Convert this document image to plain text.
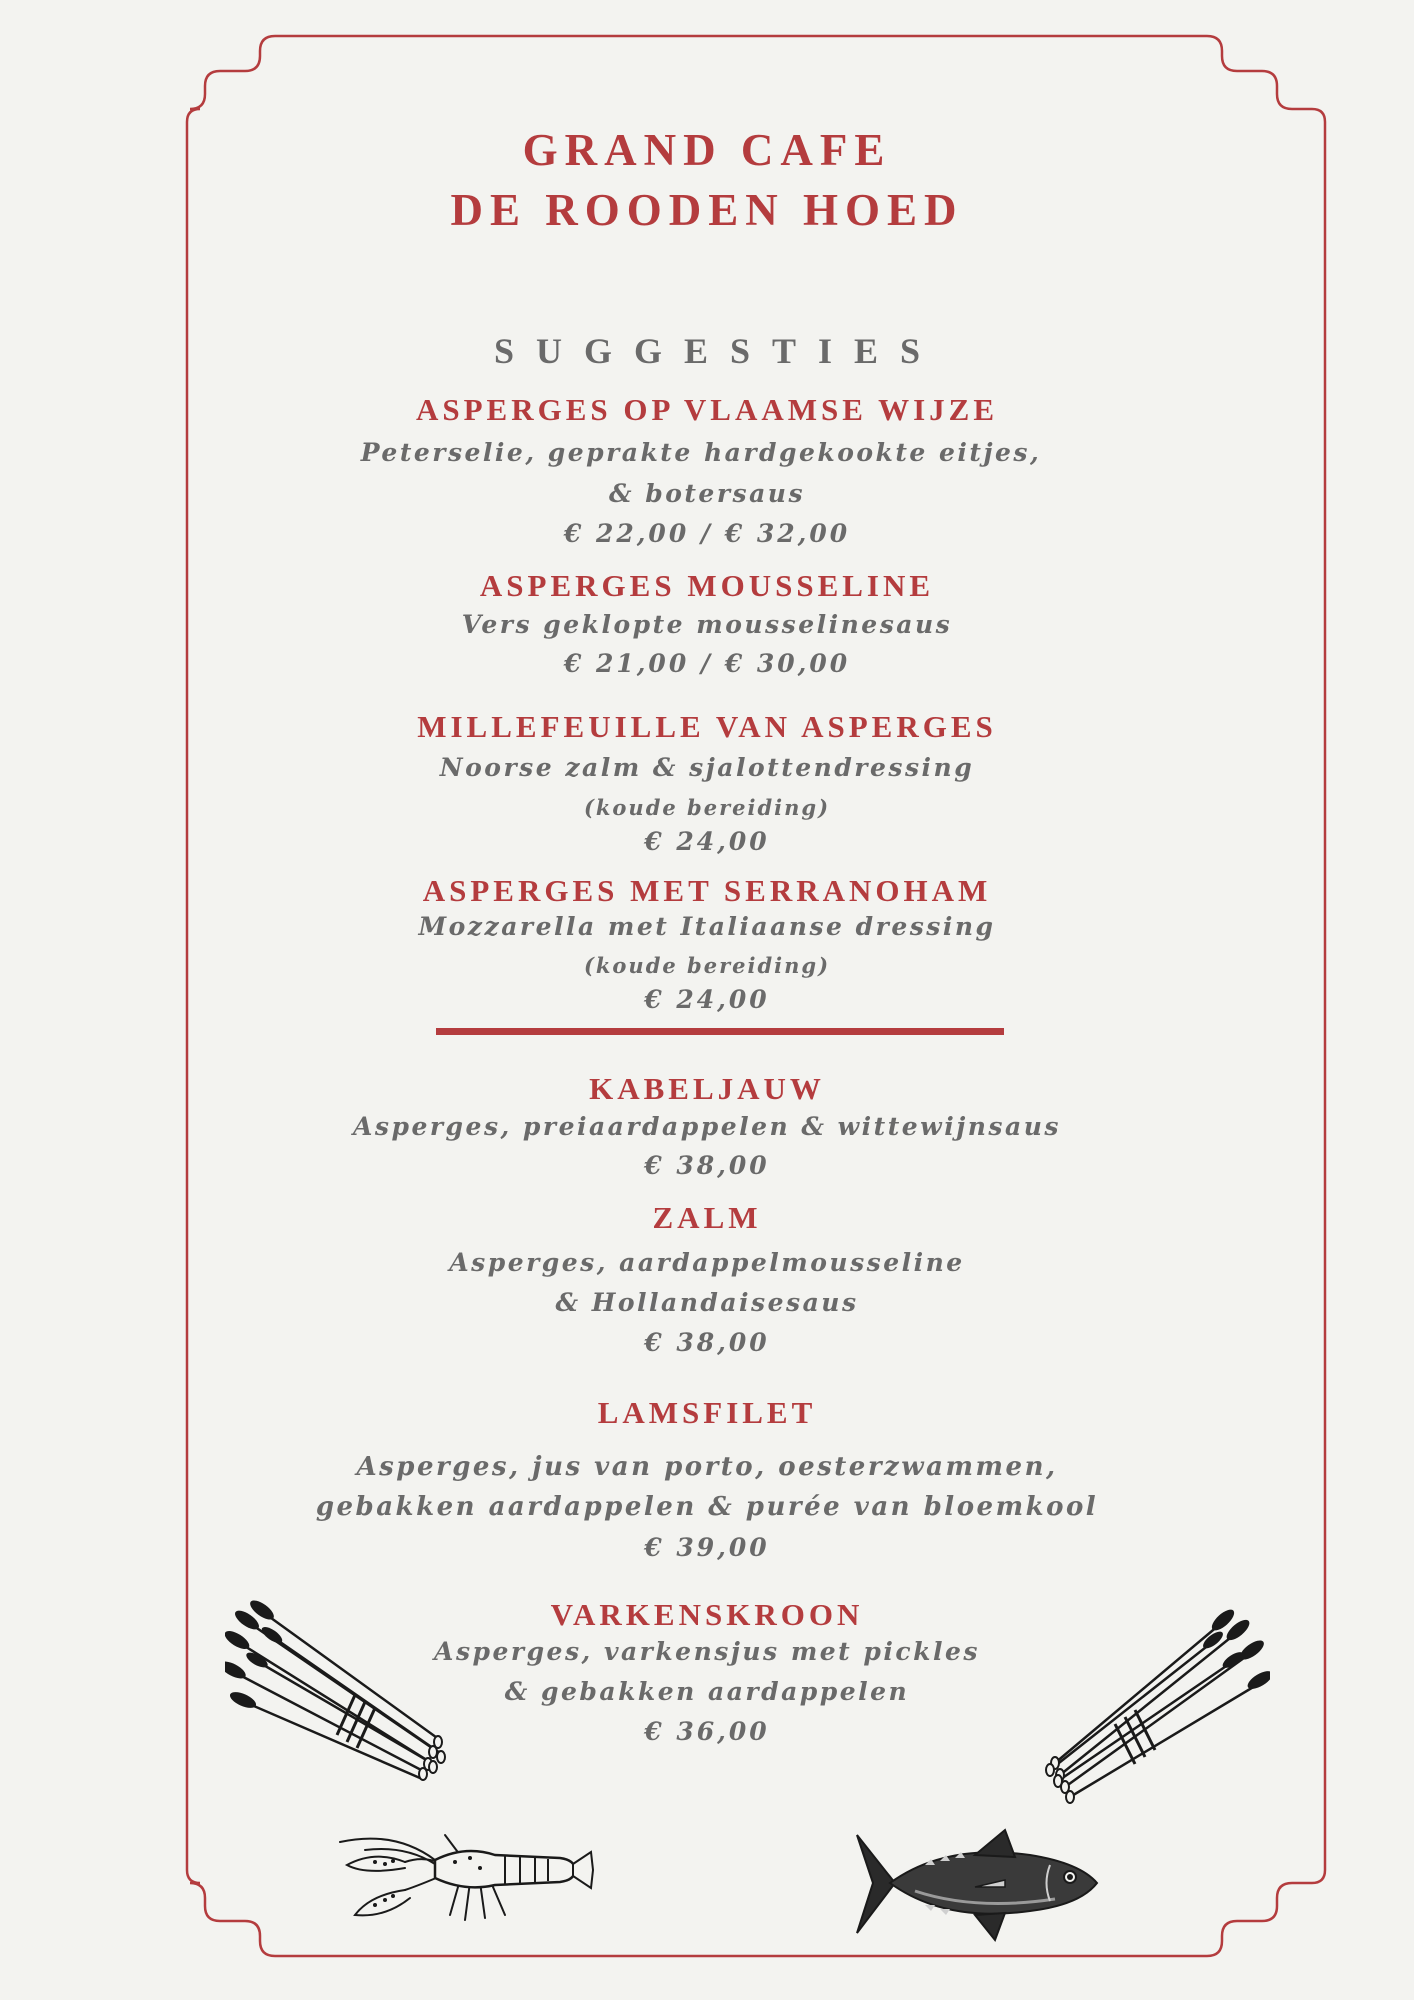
GRAND CAFE
DE ROODEN HOED
SUGGESTIES
ASPERGES OP VLAAMSE WIJZE
Peterselie, geprakte hardgekookte eitjes,
& botersaus
€ 22,00 / € 32,00
ASPERGES MOUSSELINE
Vers geklopte mousselinesaus
€ 21,00 / € 30,00
MILLEFEUILLE VAN ASPERGES
Noorse zalm & sjalottendressing
(koude bereiding)
€ 24,00
ASPERGES MET SERRANOHAM
Mozzarella met Italiaanse dressing
(koude bereiding)
€ 24,00
KABELJAUW
Asperges, preiaardappelen & wittewijnsaus
€ 38,00
ZALM
Asperges, aardappelmousseline
& Hollandaisesaus
€ 38,00
LAMSFILET
Asperges, jus van porto, oesterzwammen,
gebakken aardappelen & purée van bloemkool
€ 39,00
VARKENSKROON
Asperges, varkensjus met pickles
& gebakken aardappelen
€ 36,00
